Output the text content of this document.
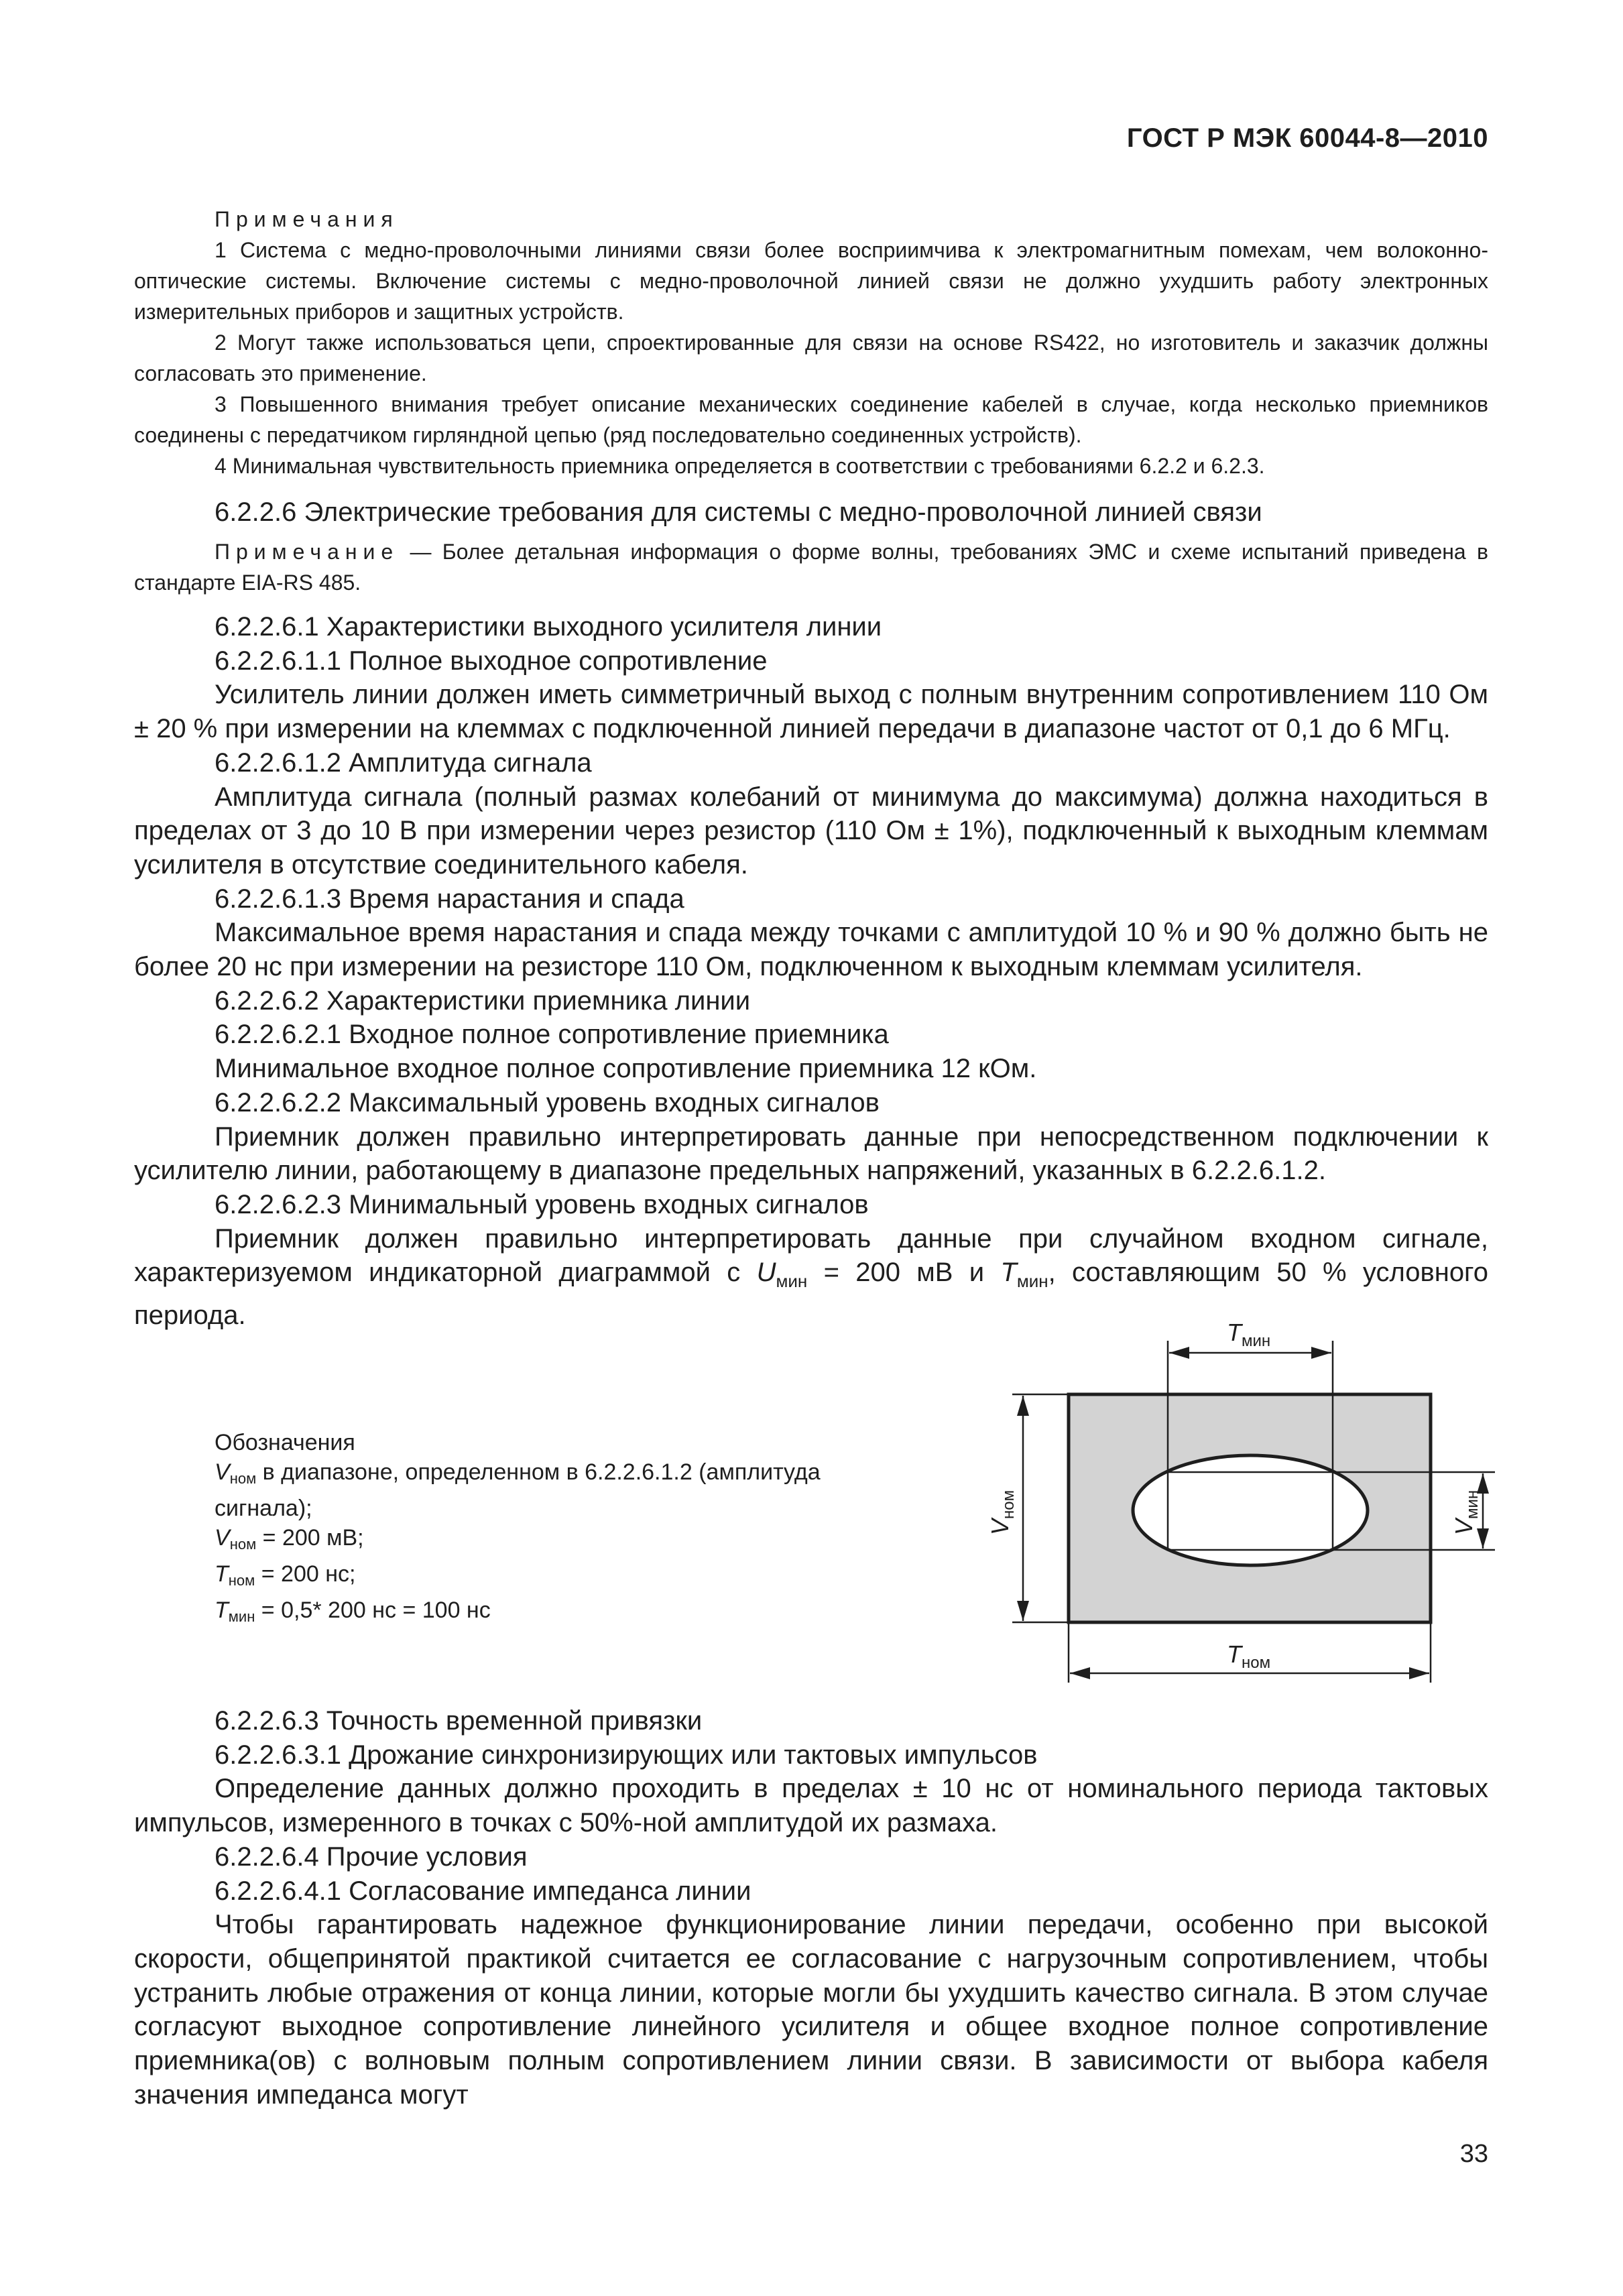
ГОСТ Р МЭК 60044-8—2010

Примечания

1 Система с медно-проволочными линиями связи более восприимчива к электромагнитным помехам, чем волоконно-оптические системы. Включение системы с медно-проволочной линией связи не должно ухудшить работу электронных измерительных приборов и защитных устройств.

2 Могут также использоваться цепи, спроектированные для связи на основе RS422, но изготовитель и заказчик должны согласовать это применение.

3 Повышенного внимания требует описание механических соединение кабелей в случае, когда несколько приемников соединены с передатчиком гирляндной цепью (ряд последовательно соединенных устройств).

4 Минимальная чувствительность приемника определяется в соответствии с требованиями 6.2.2 и 6.2.3.

6.2.2.6 Электрические требования для системы с медно-проволочной линией связи
Примечание — Более детальная информация о форме волны, требованиях ЭМС и схеме испытаний приведена в стандарте EIA-RS 485.

6.2.2.6.1 Характеристики выходного усилителя линии

6.2.2.6.1.1 Полное выходное сопротивление

Усилитель линии должен иметь симметричный выход с полным внутренним сопротивлением 110 Ом ± 20 % при измерении на клеммах с подключенной линией передачи в диапазоне частот от 0,1 до 6 МГц.

6.2.2.6.1.2 Амплитуда сигнала

Амплитуда сигнала (полный размах колебаний от минимума до максимума) должна находиться в пределах от 3 до 10 В при измерении через резистор (110 Ом ± 1%), подключенный к выходным клеммам усилителя в отсутствие соединительного кабеля.

6.2.2.6.1.3 Время нарастания и спада

Максимальное время нарастания и спада между точками с амплитудой 10 % и 90 % должно быть не более 20 нс при измерении на резисторе 110 Ом, подключенном к выходным клеммам усилителя.

6.2.2.6.2 Характеристики приемника линии

6.2.2.6.2.1 Входное полное сопротивление приемника

Минимальное входное полное сопротивление приемника 12 кОм.

6.2.2.6.2.2 Максимальный уровень входных сигналов

Приемник должен правильно интерпретировать данные при непосредственном подключении к усилителю линии, работающему в диапазоне предельных напряжений, указанных в 6.2.2.6.1.2.

6.2.2.6.2.3 Минимальный уровень входных сигналов

Приемник должен правильно интерпретировать данные при случайном входном сигнале, характеризуемом индикаторной диаграммой с $U_{мин} = 200$ мВ и $T_{мин}$, составляющим 50 % условного периода.

Обозначения

$V_{ном}$ в диапазоне, определенном в 6.2.2.6.1.2 (амплитуда сигнала);

$V_{ном} = 200$ мВ;

$T_{ном} = 200$ нс;

$T_{мин} = 0,5*$ 200 нс = 100 нс

$T_{мин}$
$T_{ном}$
$V_{ном}$
$V_{мин}$

6.2.2.6.3 Точность временной привязки

6.2.2.6.3.1 Дрожание синхронизирующих или тактовых импульсов

Определение данных должно проходить в пределах ± 10 нс от номинального периода тактовых импульсов, измеренного в точках с 50%-ной амплитудой их размаха.

6.2.2.6.4 Прочие условия

6.2.2.6.4.1 Согласование импеданса линии

Чтобы гарантировать надежное функционирование линии передачи, особенно при высокой скорости, общепринятой практикой считается ее согласование с нагрузочным сопротивлением, чтобы устранить любые отражения от конца линии, которые могли бы ухудшить качество сигнала. В этом случае согласуют выходное сопротивление линейного усилителя и общее входное полное сопротивление приемника(ов) с волновым полным сопротивлением линии связи. В зависимости от выбора кабеля значения импеданса могут

33
